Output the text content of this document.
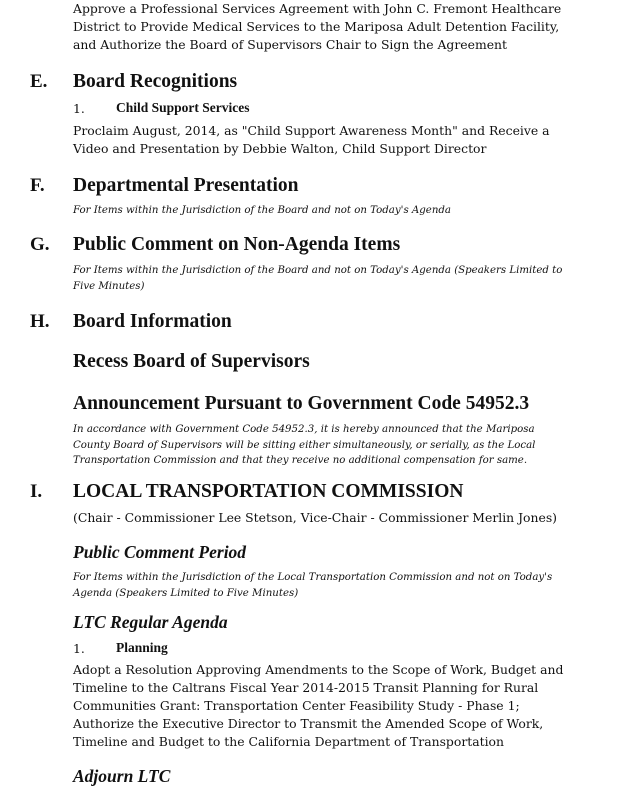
Approve a Professional Services Agreement with John C. Fremont Healthcare
District to Provide Medical Services to the Mariposa Adult Detention Facility,
and Authorize the Board of Supervisors Chair to Sign the Agreement
E. Board Recognitions
1. Child Support Services
Proclaim August, 2014, as "Child Support Awareness Month" and Receive a
Video and Presentation by Debbie Walton, Child Support Director
F. Departmental Presentation
For Items within the Jurisdiction of the Board and not on Today's Agenda
G. Public Comment on Non-Agenda Items
For Items within the Jurisdiction of the Board and not on Today's Agenda (Speakers Limited to
Five Minutes)
H. Board Information
Recess Board of Supervisors
Announcement Pursuant to Government Code 54952.3
In accordance with Government Code 54952.3, it is hereby announced that the Mariposa
County Board of Supervisors will be sitting either simultaneously, or serially, as the Local
Transportation Commission and that they receive no additional compensation for same.
I. LOCAL TRANSPORTATION COMMISSION
(Chair - Commissioner Lee Stetson, Vice-Chair - Commissioner Merlin Jones)
Public Comment Period
For Items within the Jurisdiction of the Local Transportation Commission and not on Today's
Agenda (Speakers Limited to Five Minutes)
LTC Regular Agenda
1. Planning
Adopt a Resolution Approving Amendments to the Scope of Work, Budget and
Timeline to the Caltrans Fiscal Year 2014-2015 Transit Planning for Rural
Communities Grant: Transportation Center Feasibility Study - Phase 1;
Authorize the Executive Director to Transmit the Amended Scope of Work,
Timeline and Budget to the California Department of Transportation
Adjourn LTC
